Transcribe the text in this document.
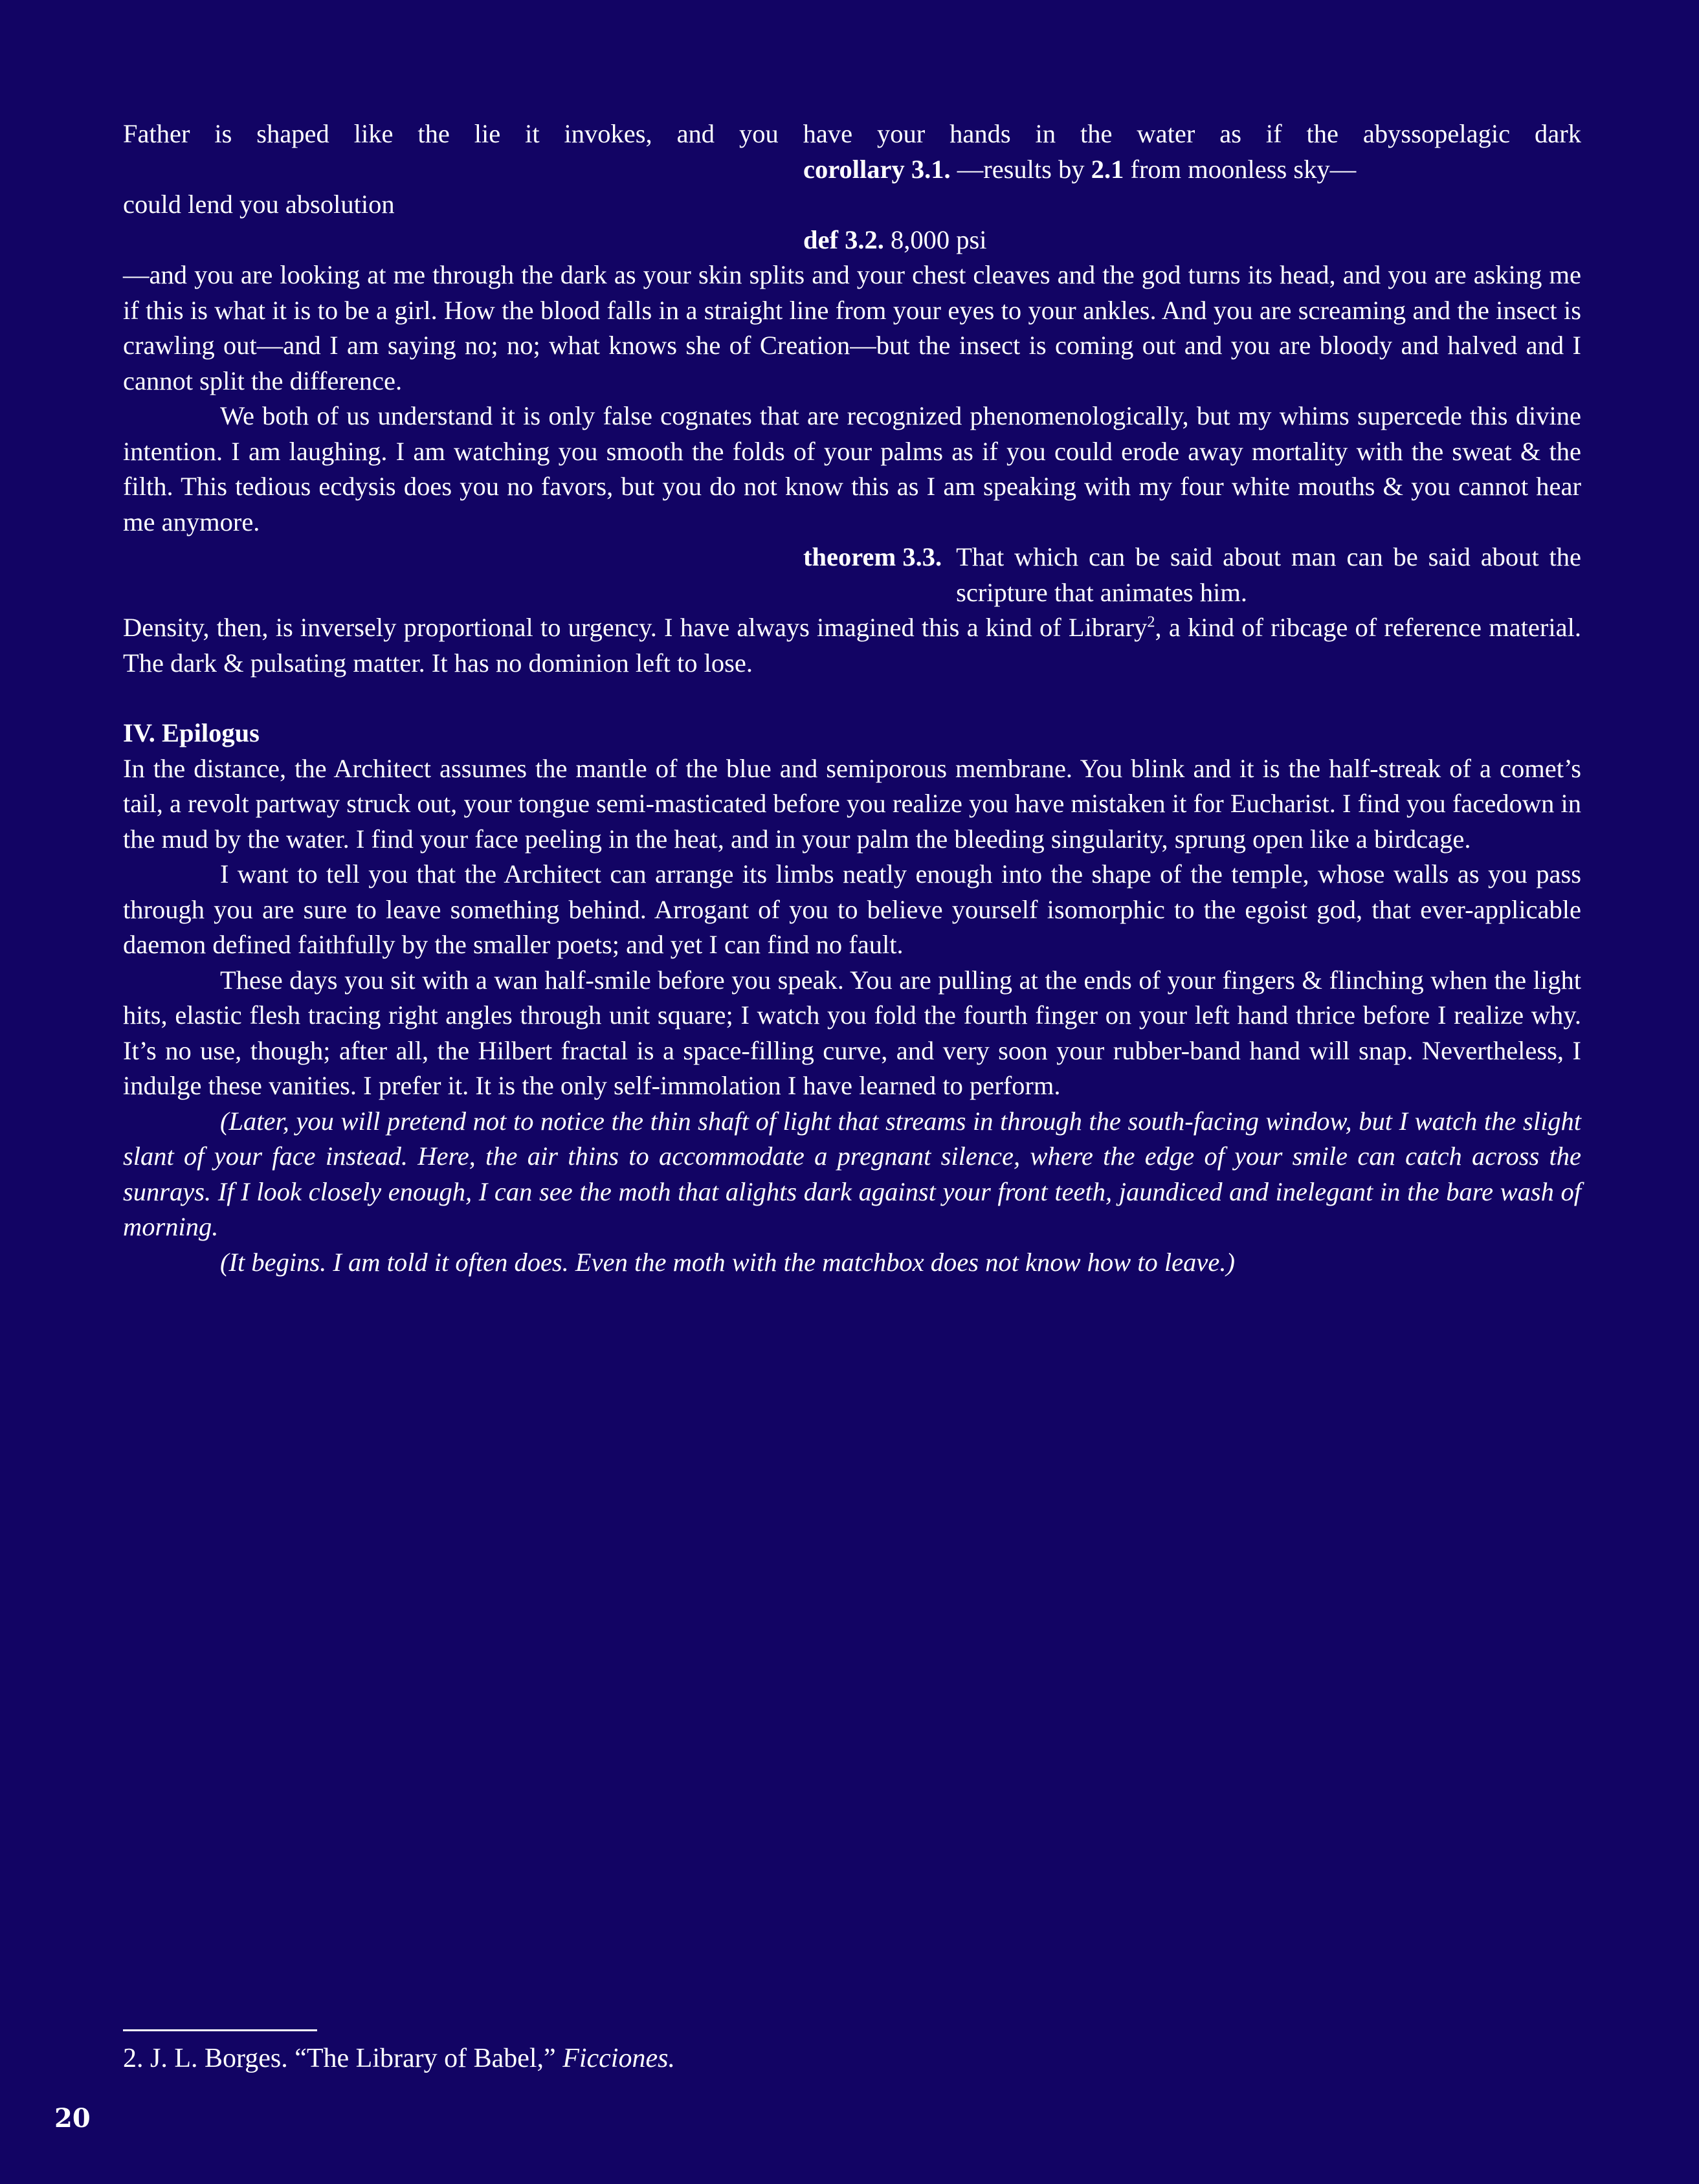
Father is shaped like the lie it invokes, and you have your hands in the water as if the abyssopelagic dark

corollary 3.1. —results by 2.1 from moonless sky—

could lend you absolution

def 3.2. 8,000 psi

—and you are looking at me through the dark as your skin splits and your chest cleaves and the god turns its head, and you are asking me if this is what it is to be a girl. How the blood falls in a straight line from your eyes to your ankles. And you are screaming and the insect is crawling out—and I am saying no; no; what knows she of Creation—but the insect is coming out and you are bloody and halved and I cannot split the difference.

We both of us understand it is only false cognates that are recognized phenomenologically, but my whims supercede this divine intention. I am laughing. I am watching you smooth the folds of your palms as if you could erode away mortality with the sweat & the filth. This tedious ecdysis does you no favors, but you do not know this as I am speaking with my four white mouths & you cannot hear me anymore.

theorem 3.3. That which can be said about man can be said about the scripture that animates him.

Density, then, is inversely proportional to urgency. I have always imagined this a kind of Library$^2$, a kind of ribcage of reference material. The dark & pulsating matter. It has no dominion left to lose.

IV. Epilogus

In the distance, the Architect assumes the mantle of the blue and semiporous membrane. You blink and it is the half-streak of a comet’s tail, a revolt partway struck out, your tongue semi-masticated before you realize you have mistaken it for Eucharist. I find you facedown in the mud by the water. I find your face peeling in the heat, and in your palm the bleeding singularity, sprung open like a birdcage.

I want to tell you that the Architect can arrange its limbs neatly enough into the shape of the temple, whose walls as you pass through you are sure to leave something behind. Arrogant of you to believe yourself isomorphic to the egoist god, that ever-applicable daemon defined faithfully by the smaller poets; and yet I can find no fault.

These days you sit with a wan half-smile before you speak. You are pulling at the ends of your fingers & flinching when the light hits, elastic flesh tracing right angles through unit square; I watch you fold the fourth finger on your left hand thrice before I realize why. It’s no use, though; after all, the Hilbert fractal is a space-filling curve, and very soon your rubber-band hand will snap. Nevertheless, I indulge these vanities. I prefer it. It is the only self-immolation I have learned to perform.

(Later, you will pretend not to notice the thin shaft of light that streams in through the south-facing window, but I watch the slight slant of your face instead. Here, the air thins to accommodate a pregnant silence, where the edge of your smile can catch across the sunrays. If I look closely enough, I can see the moth that alights dark against your front teeth, jaundiced and inelegant in the bare wash of morning.

(It begins. I am told it often does. Even the moth with the matchbox does not know how to leave.)

2. J. L. Borges. “The Library of Babel,” Ficciones.
20
